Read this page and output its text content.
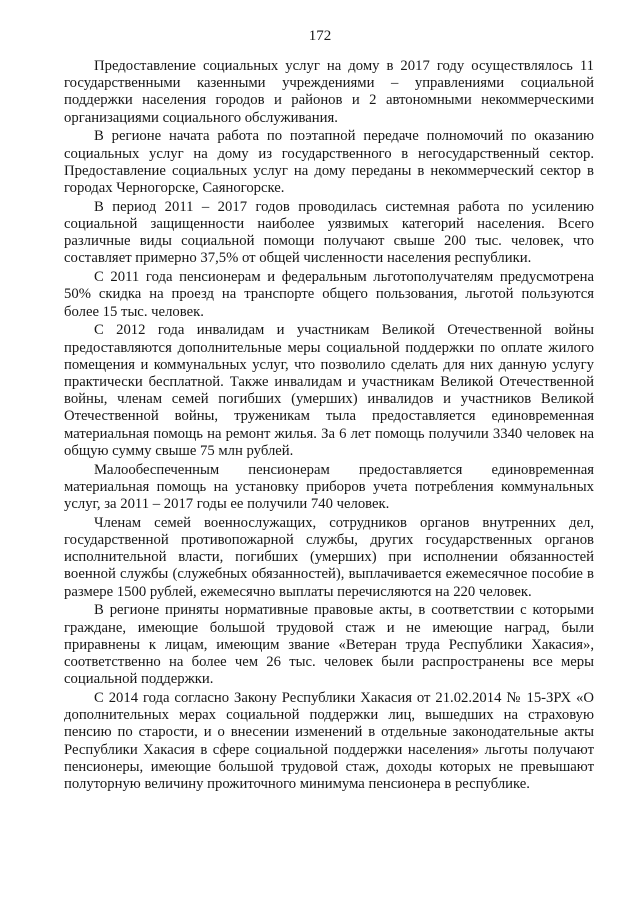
172

Предоставление социальных услуг на дому в 2017 году осуществлялось 11 государственными казенными учреждениями – управлениями социальной поддержки населения городов и районов и 2 автономными некоммерческими организациями социального обслуживания.

В регионе начата работа по поэтапной передаче полномочий по оказанию социальных услуг на дому из государственного в негосударственный сектор. Предоставление социальных услуг на дому переданы в некоммерческий сектор в городах Черногорске, Саяногорске.

В период 2011 – 2017 годов проводилась системная работа по усилению социальной защищенности наиболее уязвимых категорий населения. Всего различные виды социальной помощи получают свыше 200 тыс. человек, что составляет примерно 37,5% от общей численности населения республики.

С 2011 года пенсионерам и федеральным льготополучателям предусмотрена 50% скидка на проезд на транспорте общего пользования, льготой пользуются более 15 тыс. человек.

С 2012 года инвалидам и участникам Великой Отечественной войны предоставляются дополнительные меры социальной поддержки по оплате жилого помещения и коммунальных услуг, что позволило сделать для них данную услугу практически бесплатной. Также инвалидам и участникам Великой Отечественной войны, членам семей погибших (умерших) инвалидов и участников Великой Отечественной войны, труженикам тыла предоставляется единовременная материальная помощь на ремонт жилья. За 6 лет помощь получили 3340 человек на общую сумму свыше 75 млн рублей.

Малообеспеченным пенсионерам предоставляется единовременная материальная помощь на установку приборов учета потребления коммунальных услуг, за 2011 – 2017 годы ее получили 740 человек.

Членам семей военнослужащих, сотрудников органов внутренних дел, государственной противопожарной службы, других государственных органов исполнительной власти, погибших (умерших) при исполнении обязанностей военной службы (служебных обязанностей), выплачивается ежемесячное пособие в размере 1500 рублей, ежемесячно выплаты перечисляются на 220 человек.

В регионе приняты нормативные правовые акты, в соответствии с которыми граждане, имеющие большой трудовой стаж и не имеющие наград, были приравнены к лицам, имеющим звание «Ветеран труда Республики Хакасия», соответственно на более чем 26 тыс. человек были распространены все меры социальной поддержки.

С 2014 года согласно Закону Республики Хакасия от 21.02.2014 № 15-ЗРХ «О дополнительных мерах социальной поддержки лиц, вышедших на страховую пенсию по старости, и о внесении изменений в отдельные законодательные акты Республики Хакасия в сфере социальной поддержки населения» льготы получают пенсионеры, имеющие большой трудовой стаж, доходы которых не превышают полуторную величину прожиточного минимума пенсионера в республике.
